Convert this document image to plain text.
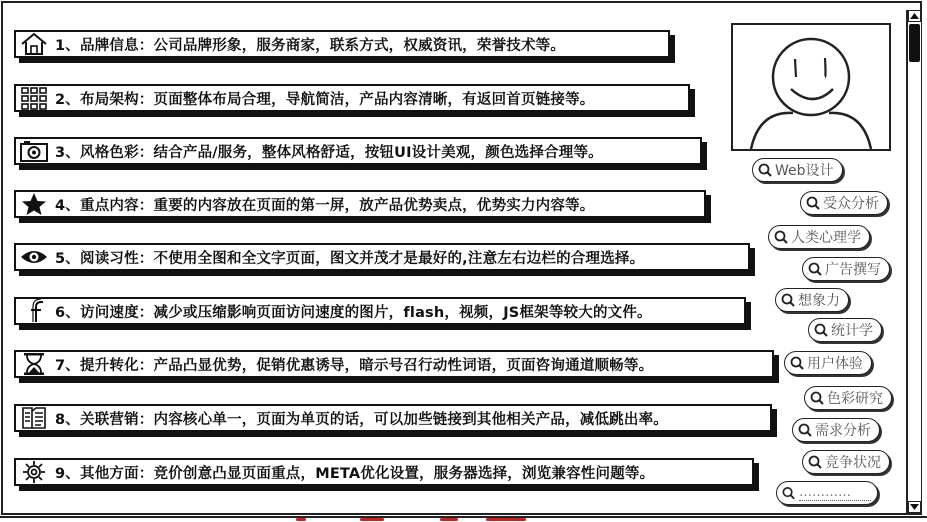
1、品牌信息：公司品牌形象，服务商家，联系方式，权威资讯，荣誉技术等。
2、布局架构：页面整体布局合理，导航简洁，产品内容清晰，有返回首页链接等。
3、风格色彩：结合产品/服务，整体风格舒适，按钮UI设计美观，颜色选择合理等。
4、重点内容：重要的内容放在页面的第一屏，放产品优势卖点，优势实力内容等。
5、阅读习性：不使用全图和全文字页面，图文并茂才是最好的,注意左右边栏的合理选择。
6、访问速度：减少或压缩影响页面访问速度的图片，flash，视频，JS框架等较大的文件。
7、提升转化：产品凸显优势，促销优惠诱导，暗示号召行动性词语，页面咨询通道顺畅等。
8、关联营销：内容核心单一，页面为单页的话，可以加些链接到其他相关产品，减低跳出率。
9、其他方面：竞价创意凸显页面重点，META优化设置，服务器选择，浏览兼容性问题等。
Web设计
受众分析
人类心理学
广告撰写
想象力
统计学
用户体验
色彩研究
需求分析
竞争状况
…………
